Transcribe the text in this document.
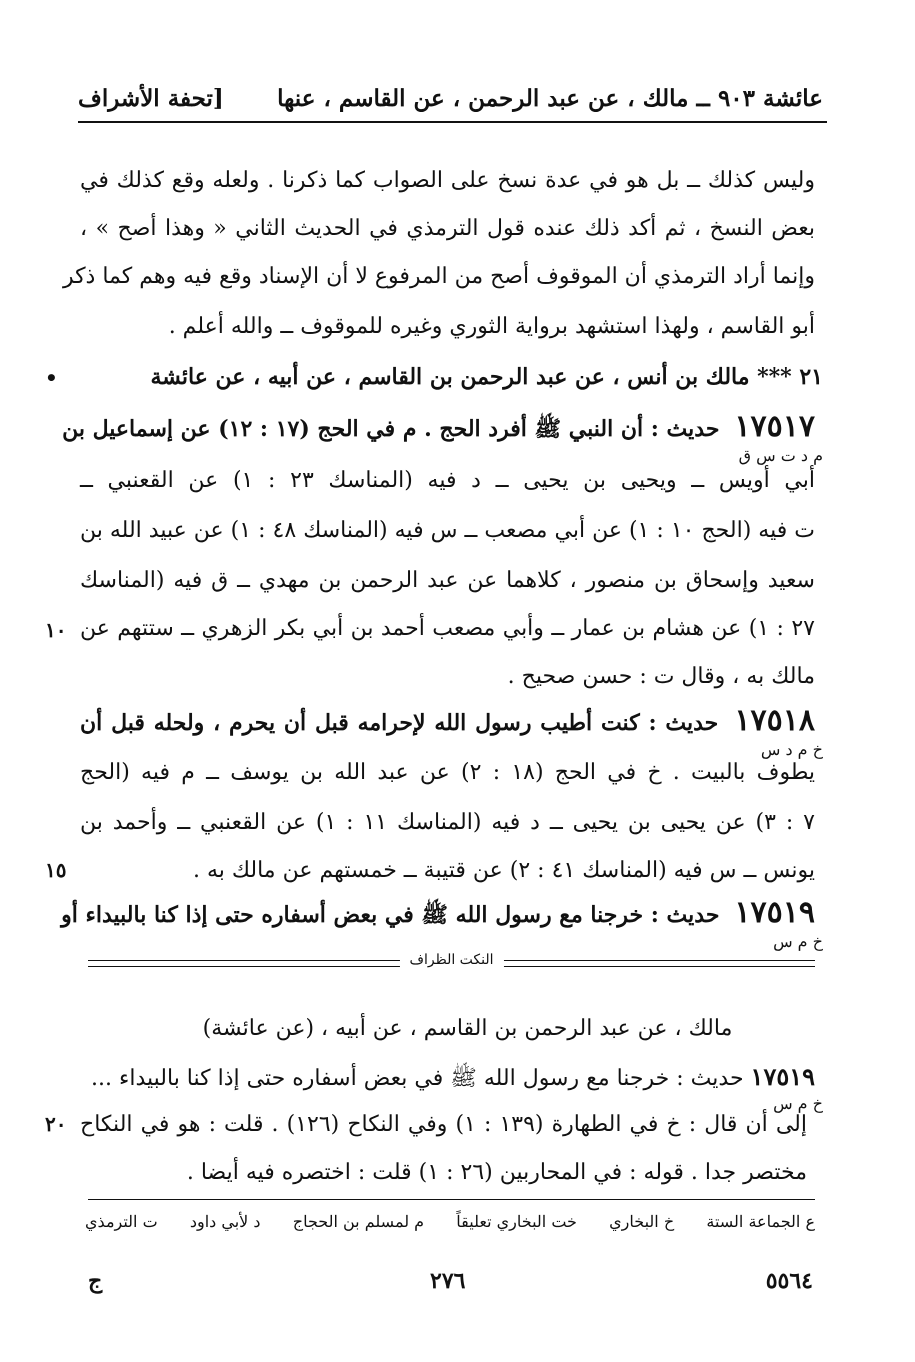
[تحفة الأشراف عائشة ٩٠٣ ــ مالك ، عن عبد الرحمن ، عن القاسم ، عنها
وليس كذلك ــ بل هو في عدة نسخ على الصواب كما ذكرنا . ولعله وقع كذلك في
بعض النسخ ، ثم أكد ذلك عنده قول الترمذي في الحديث الثاني « وهذا أصح » ،
وإنما أراد الترمذي أن الموقوف أصح من المرفوع لا أن الإسناد وقع فيه وهم كما ذكر
أبو القاسم ، ولهذا استشهد برواية الثوري وغيره للموقوف ــ والله أعلم .
٢١ *** مالك بن أنس ، عن عبد الرحمن بن القاسم ، عن أبيه ، عن عائشة
•
١٧٥١٧ حديث : أن النبي ﷺ أفرد الحج . م في الحج (١٧ : ١٢) عن إسماعيل بن
م د ت س ق
أبي أويس ــ ويحيى بن يحيى ــ د فيه (المناسك ٢٣ : ١) عن القعنبي ــ
ت فيه (الحج ١٠ : ١) عن أبي مصعب ــ س فيه (المناسك ٤٨ : ١) عن عبيد الله بن
سعيد وإسحاق بن منصور ، كلاهما عن عبد الرحمن بن مهدي ــ ق فيه (المناسك
٢٧ : ١) عن هشام بن عمار ــ وأبي مصعب أحمد بن أبي بكر الزهري ــ ستتهم عن
١٠
مالك به ، وقال ت : حسن صحيح .
١٧٥١٨ حديث : كنت أطيب رسول الله لإحرامه قبل أن يحرم ، ولحله قبل أن
خ م د س
يطوف بالبيت . خ في الحج (١٨ : ٢) عن عبد الله بن يوسف ــ م فيه (الحج
٧ : ٣) عن يحيى بن يحيى ــ د فيه (المناسك ١١ : ١) عن القعنبي ــ وأحمد بن
يونس ــ س فيه (المناسك ٤١ : ٢) عن قتيبة ــ خمستهم عن مالك به .
١٥
١٧٥١٩ حديث : خرجنا مع رسول الله ﷺ في بعض أسفاره حتى إذا كنا بالبيداء أو
خ م س
النكت الظراف
مالك ، عن عبد الرحمن بن القاسم ، عن أبيه ، (عن عائشة)
١٧٥١٩ حديث : خرجنا مع رسول الله ﷺ في بعض أسفاره حتى إذا كنا بالبيداء ...
خ م س
إلى أن قال : خ في الطهارة (١٣٩ : ١) وفي النكاح (١٢٦) . قلت : هو في النكاح
٢٠
مختصر جدا . قوله : في المحاربين (٢٦ : ١) قلت : اختصره فيه أيضا .
ع الجماعة الستة
خ البخاري
خت البخاري تعليقاً
م لمسلم بن الحجاج
د لأبي داود
ت الترمذي
٥٥٦٤
٢٧٦
ج
